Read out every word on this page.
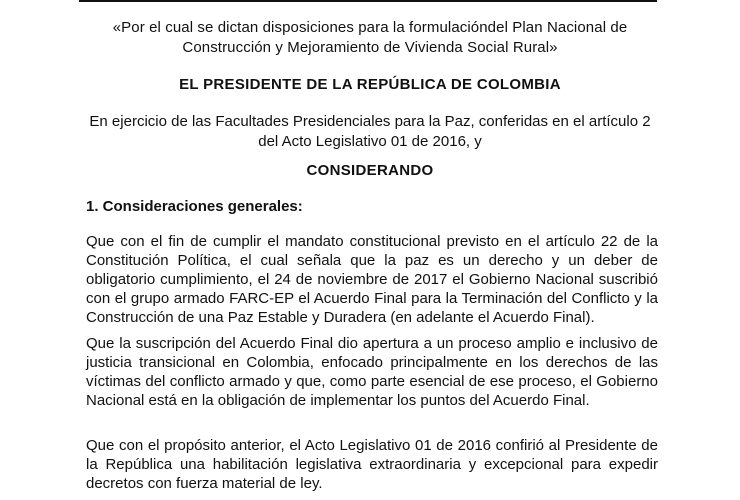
«Por el cual se dictan disposiciones para la formulacióndel Plan Nacional de Construcción y Mejoramiento de Vivienda Social Rural»
EL PRESIDENTE DE LA REPÚBLICA DE COLOMBIA
En ejercicio de las Facultades Presidenciales para la Paz, conferidas en el artículo 2 del Acto Legislativo 01 de 2016, y
CONSIDERANDO
1. Consideraciones generales:
Que con el fin de cumplir el mandato constitucional previsto en el artículo 22 de la Constitución Política, el cual señala que la paz es un derecho y un deber de obligatorio cumplimiento, el 24 de noviembre de 2017 el Gobierno Nacional suscribió con el grupo armado FARC-EP el Acuerdo Final para la Terminación del Conflicto y la Construcción de una Paz Estable y Duradera (en adelante el Acuerdo Final).
Que la suscripción del Acuerdo Final dio apertura a un proceso amplio e inclusivo de justicia transicional en Colombia, enfocado principalmente en los derechos de las víctimas del conflicto armado y que, como parte esencial de ese proceso, el Gobierno Nacional está en la obligación de implementar los puntos del Acuerdo Final.
Que con el propósito anterior, el Acto Legislativo 01 de 2016 confirió al Presidente de la República una habilitación legislativa extraordinaria y excepcional para expedir decretos con fuerza material de ley.
